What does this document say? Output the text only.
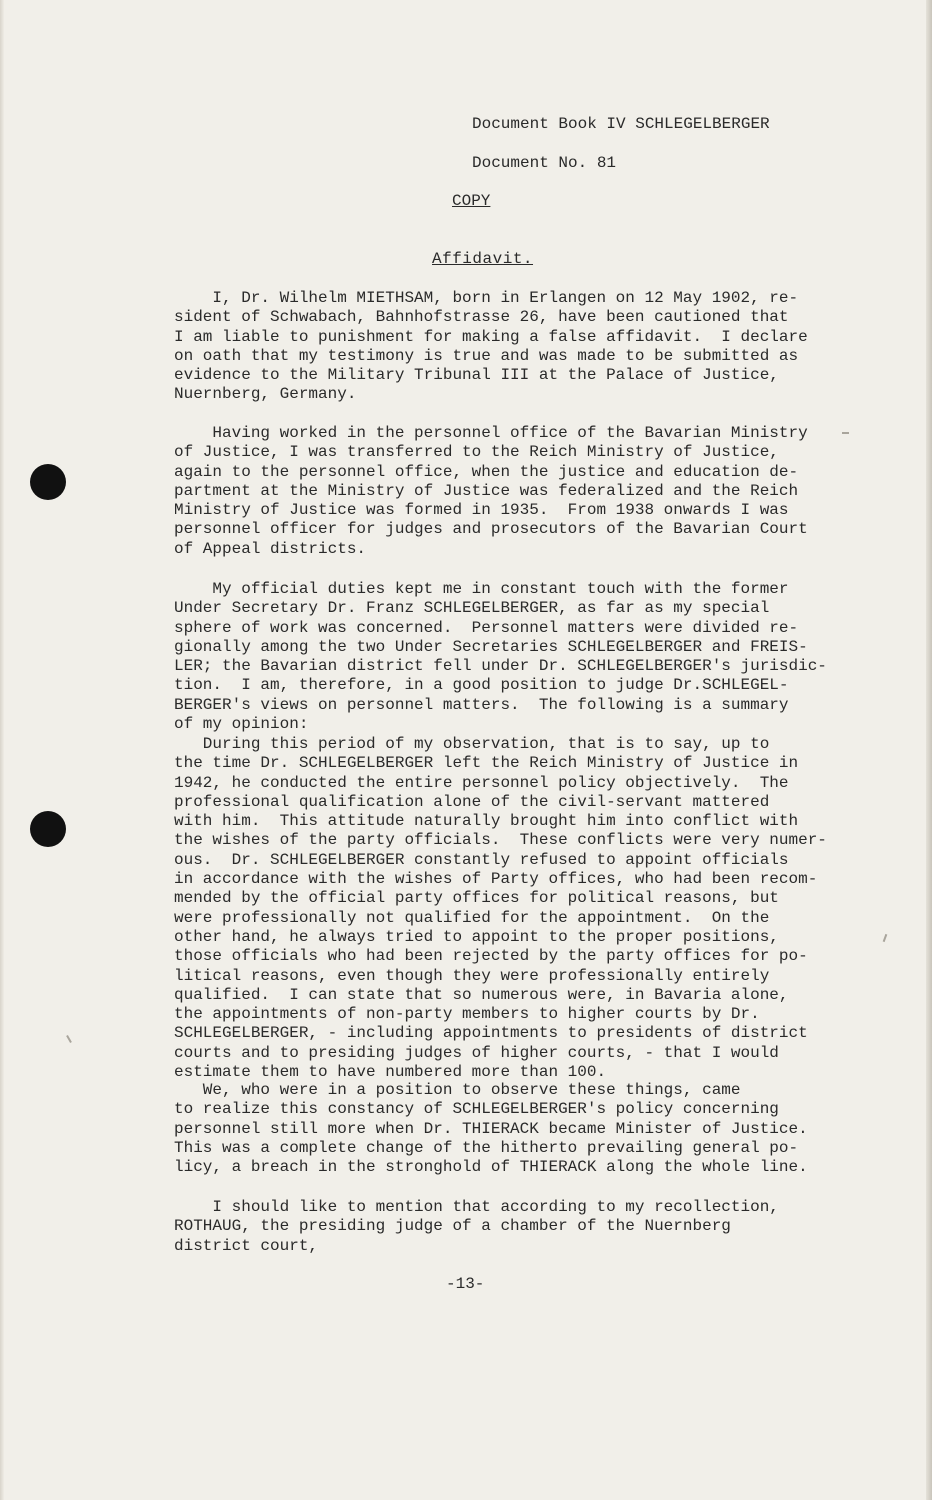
Document Book IV SCHLEGELBERGER
Document No. 81
COPY
Affidavit.

I, Dr. Wilhelm MIETHSAM, born in Erlangen on 12 May 1902, re-
sident of Schwabach, Bahnhofstrasse 26, have been cautioned that
I am liable to punishment for making a false affidavit.  I declare
on oath that my testimony is true and was made to be submitted as
evidence to the Military Tribunal III at the Palace of Justice,
Nuernberg, Germany.

Having worked in the personnel office of the Bavarian Ministry
of Justice, I was transferred to the Reich Ministry of Justice,
again to the personnel office, when the justice and education de-
partment at the Ministry of Justice was federalized and the Reich
Ministry of Justice was formed in 1935.  From 1938 onwards I was
personnel officer for judges and prosecutors of the Bavarian Court
of Appeal districts.

My official duties kept me in constant touch with the former
Under Secretary Dr. Franz SCHLEGELBERGER, as far as my special
sphere of work was concerned.  Personnel matters were divided re-
gionally among the two Under Secretaries SCHLEGELBERGER and FREIS-
LER; the Bavarian district fell under Dr. SCHLEGELBERGER's jurisdic-
tion.  I am, therefore, in a good position to judge Dr.SCHLEGEL-
BERGER's views on personnel matters.  The following is a summary
of my opinion:

During this period of my observation, that is to say, up to
the time Dr. SCHLEGELBERGER left the Reich Ministry of Justice in
1942, he conducted the entire personnel policy objectively.  The
professional qualification alone of the civil-servant mattered
with him.  This attitude naturally brought him into conflict with
the wishes of the party officials.  These conflicts were very numer-
ous.  Dr. SCHLEGELBERGER constantly refused to appoint officials
in accordance with the wishes of Party offices, who had been recom-
mended by the official party offices for political reasons, but
were professionally not qualified for the appointment.  On the
other hand, he always tried to appoint to the proper positions,
those officials who had been rejected by the party offices for po-
litical reasons, even though they were professionally entirely
qualified.  I can state that so numerous were, in Bavaria alone,
the appointments of non-party members to higher courts by Dr.
SCHLEGELBERGER, - including appointments to presidents of district
courts and to presiding judges of higher courts, - that I would
estimate them to have numbered more than 100.

We, who were in a position to observe these things, came
to realize this constancy of SCHLEGELBERGER's policy concerning
personnel still more when Dr. THIERACK became Minister of Justice.
This was a complete change of the hitherto prevailing general po-
licy, a breach in the stronghold of THIERACK along the whole line.

I should like to mention that according to my recollection,
ROTHAUG, the presiding judge of a chamber of the Nuernberg
district court,

-13-
